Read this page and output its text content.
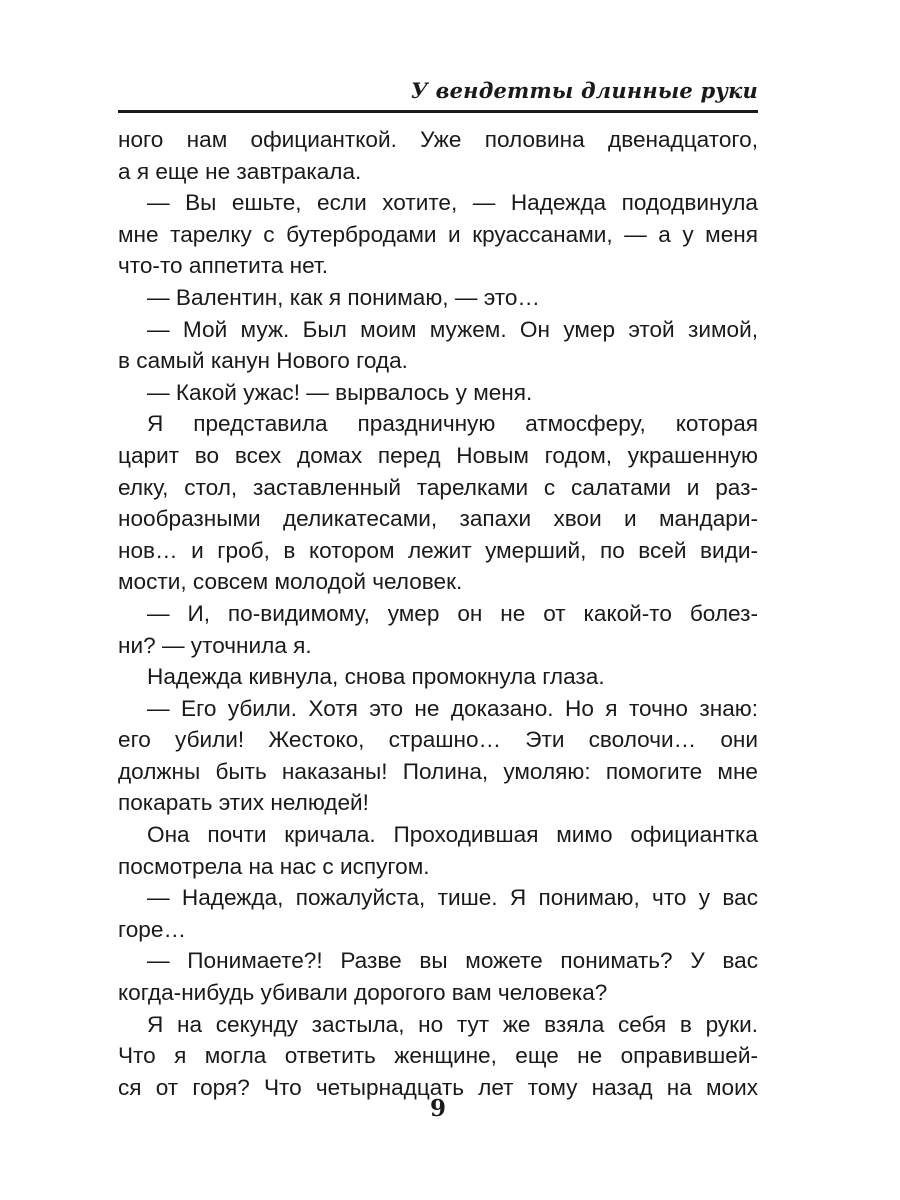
У вендетты длинные руки
ного нам официанткой. Уже половина двенадцатого,
а я еще не завтракала.
— Вы ешьте, если хотите, — Надежда пододвинула
мне тарелку с бутербродами и круассанами, — а у меня
что-то аппетита нет.
— Валентин, как я понимаю, — это…
— Мой муж. Был моим мужем. Он умер этой зимой,
в самый канун Нового года.
— Какой ужас! — вырвалось у меня.
Я представила праздничную атмосферу, которая
царит во всех домах перед Новым годом, украшенную
елку, стол, заставленный тарелками с салатами и раз-
нообразными деликатесами, запахи хвои и мандари-
нов… и гроб, в котором лежит умерший, по всей види-
мости, совсем молодой человек.
— И, по-видимому, умер он не от какой-то болез-
ни? — уточнила я.
Надежда кивнула, снова промокнула глаза.
— Его убили. Хотя это не доказано. Но я точно знаю:
его убили! Жестоко, страшно… Эти сволочи… они
должны быть наказаны! Полина, умоляю: помогите мне
покарать этих нелюдей!
Она почти кричала. Проходившая мимо официантка
посмотрела на нас с испугом.
— Надежда, пожалуйста, тише. Я понимаю, что у вас
горе…
— Понимаете?! Разве вы можете понимать? У вас
когда-нибудь убивали дорогого вам человека?
Я на секунду застыла, но тут же взяла себя в руки.
Что я могла ответить женщине, еще не оправившей-
ся от горя? Что четырнадцать лет тому назад на моих
9
